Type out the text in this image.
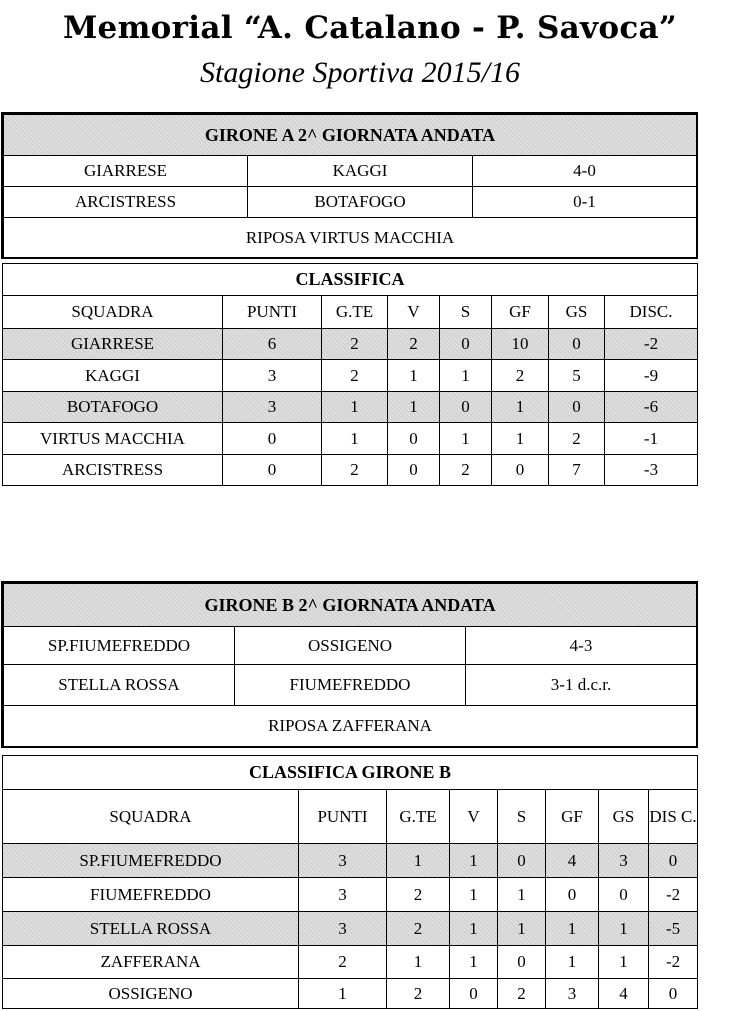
Memorial “A. Catalano - P. Savoca”
Stagione Sportiva 2015/16
GIRONE A 2^ GIORNATA ANDATA		
GIARRESE	KAGGI	4-0
ARCISTRESS	BOTAFOGO	0-1
RIPOSA VIRTUS MACCHIA		
CLASSIFICA							
SQUADRA	PUNTI	G.TE	V	S	GF	GS	DISC.
GIARRESE	6	2	2	0	10	0	-2
KAGGI	3	2	1	1	2	5	-9
BOTAFOGO	3	1	1	0	1	0	-6
VIRTUS MACCHIA	0	1	0	1	1	2	-1
ARCISTRESS	0	2	0	2	0	7	-3
GIRONE B 2^ GIORNATA ANDATA		
SP.FIUMEFREDDO	OSSIGENO	4-3
STELLA ROSSA	FIUMEFREDDO	3-1 d.c.r.
RIPOSA ZAFFERANA		
CLASSIFICA GIRONE B							
SQUADRA	PUNTI	G.TE	V	S	GF	GS	DIS C.
SP.FIUMEFREDDO	3	1	1	0	4	3	0
FIUMEFREDDO	3	2	1	1	0	0	-2
STELLA ROSSA	3	2	1	1	1	1	-5
ZAFFERANA	2	1	1	0	1	1	-2
OSSIGENO	1	2	0	2	3	4	0
